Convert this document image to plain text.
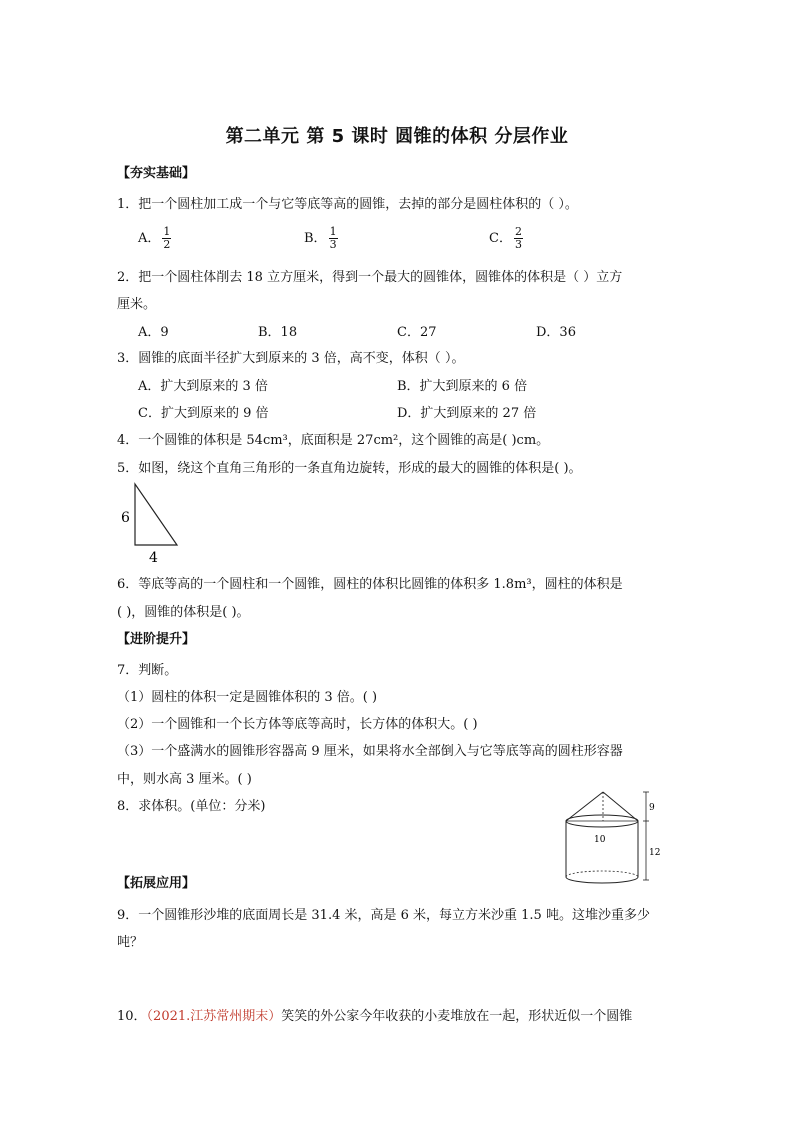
第二单元 第 5 课时 圆锥的体积 分层作业
【夯实基础】
1．把一个圆柱加工成一个与它等底等高的圆锥，去掉的部分是圆柱体积的（ ）。
A． $\frac{1}{2}$	B． $\frac{1}{3}$	C． $\frac{2}{3}$
2．把一个圆柱体削去 18 立方厘米，得到一个最大的圆锥体，圆锥体的体积是（ ）立方
厘米。
A．9	B．18	C．27	D．36
3．圆锥的底面半径扩大到原来的 3 倍，高不变，体积（ ）。
A．扩大到原来的 3 倍	B．扩大到原来的 6 倍
C．扩大到原来的 9 倍	D．扩大到原来的 27 倍
4．一个圆锥的体积是 54cm³，底面积是 27cm²，这个圆锥的高是( )cm。
5．如图，绕这个直角三角形的一条直角边旋转，形成的最大的圆锥的体积是( )。
6
4
6．等底等高的一个圆柱和一个圆锥，圆柱的体积比圆锥的体积多 1.8m³，圆柱的体积是
( )，圆锥的体积是( )。
【进阶提升】
7．判断。
（1）圆柱的体积一定是圆锥体积的 3 倍。( )
（2）一个圆锥和一个长方体等底等高时，长方体的体积大。( )
（3）一个盛满水的圆锥形容器高 9 厘米，如果将水全部倒入与它等底等高的圆柱形容器
中，则水高 3 厘米。( )
8．求体积。(单位：分米)	9
10
12
【拓展应用】
9．一个圆锥形沙堆的底面周长是 31.4 米，高是 6 米，每立方米沙重 1.5 吨。这堆沙重多少
吨？
10．（2021.江苏常州期末）笑笑的外公家今年收获的小麦堆放在一起，形状近似一个圆锥
